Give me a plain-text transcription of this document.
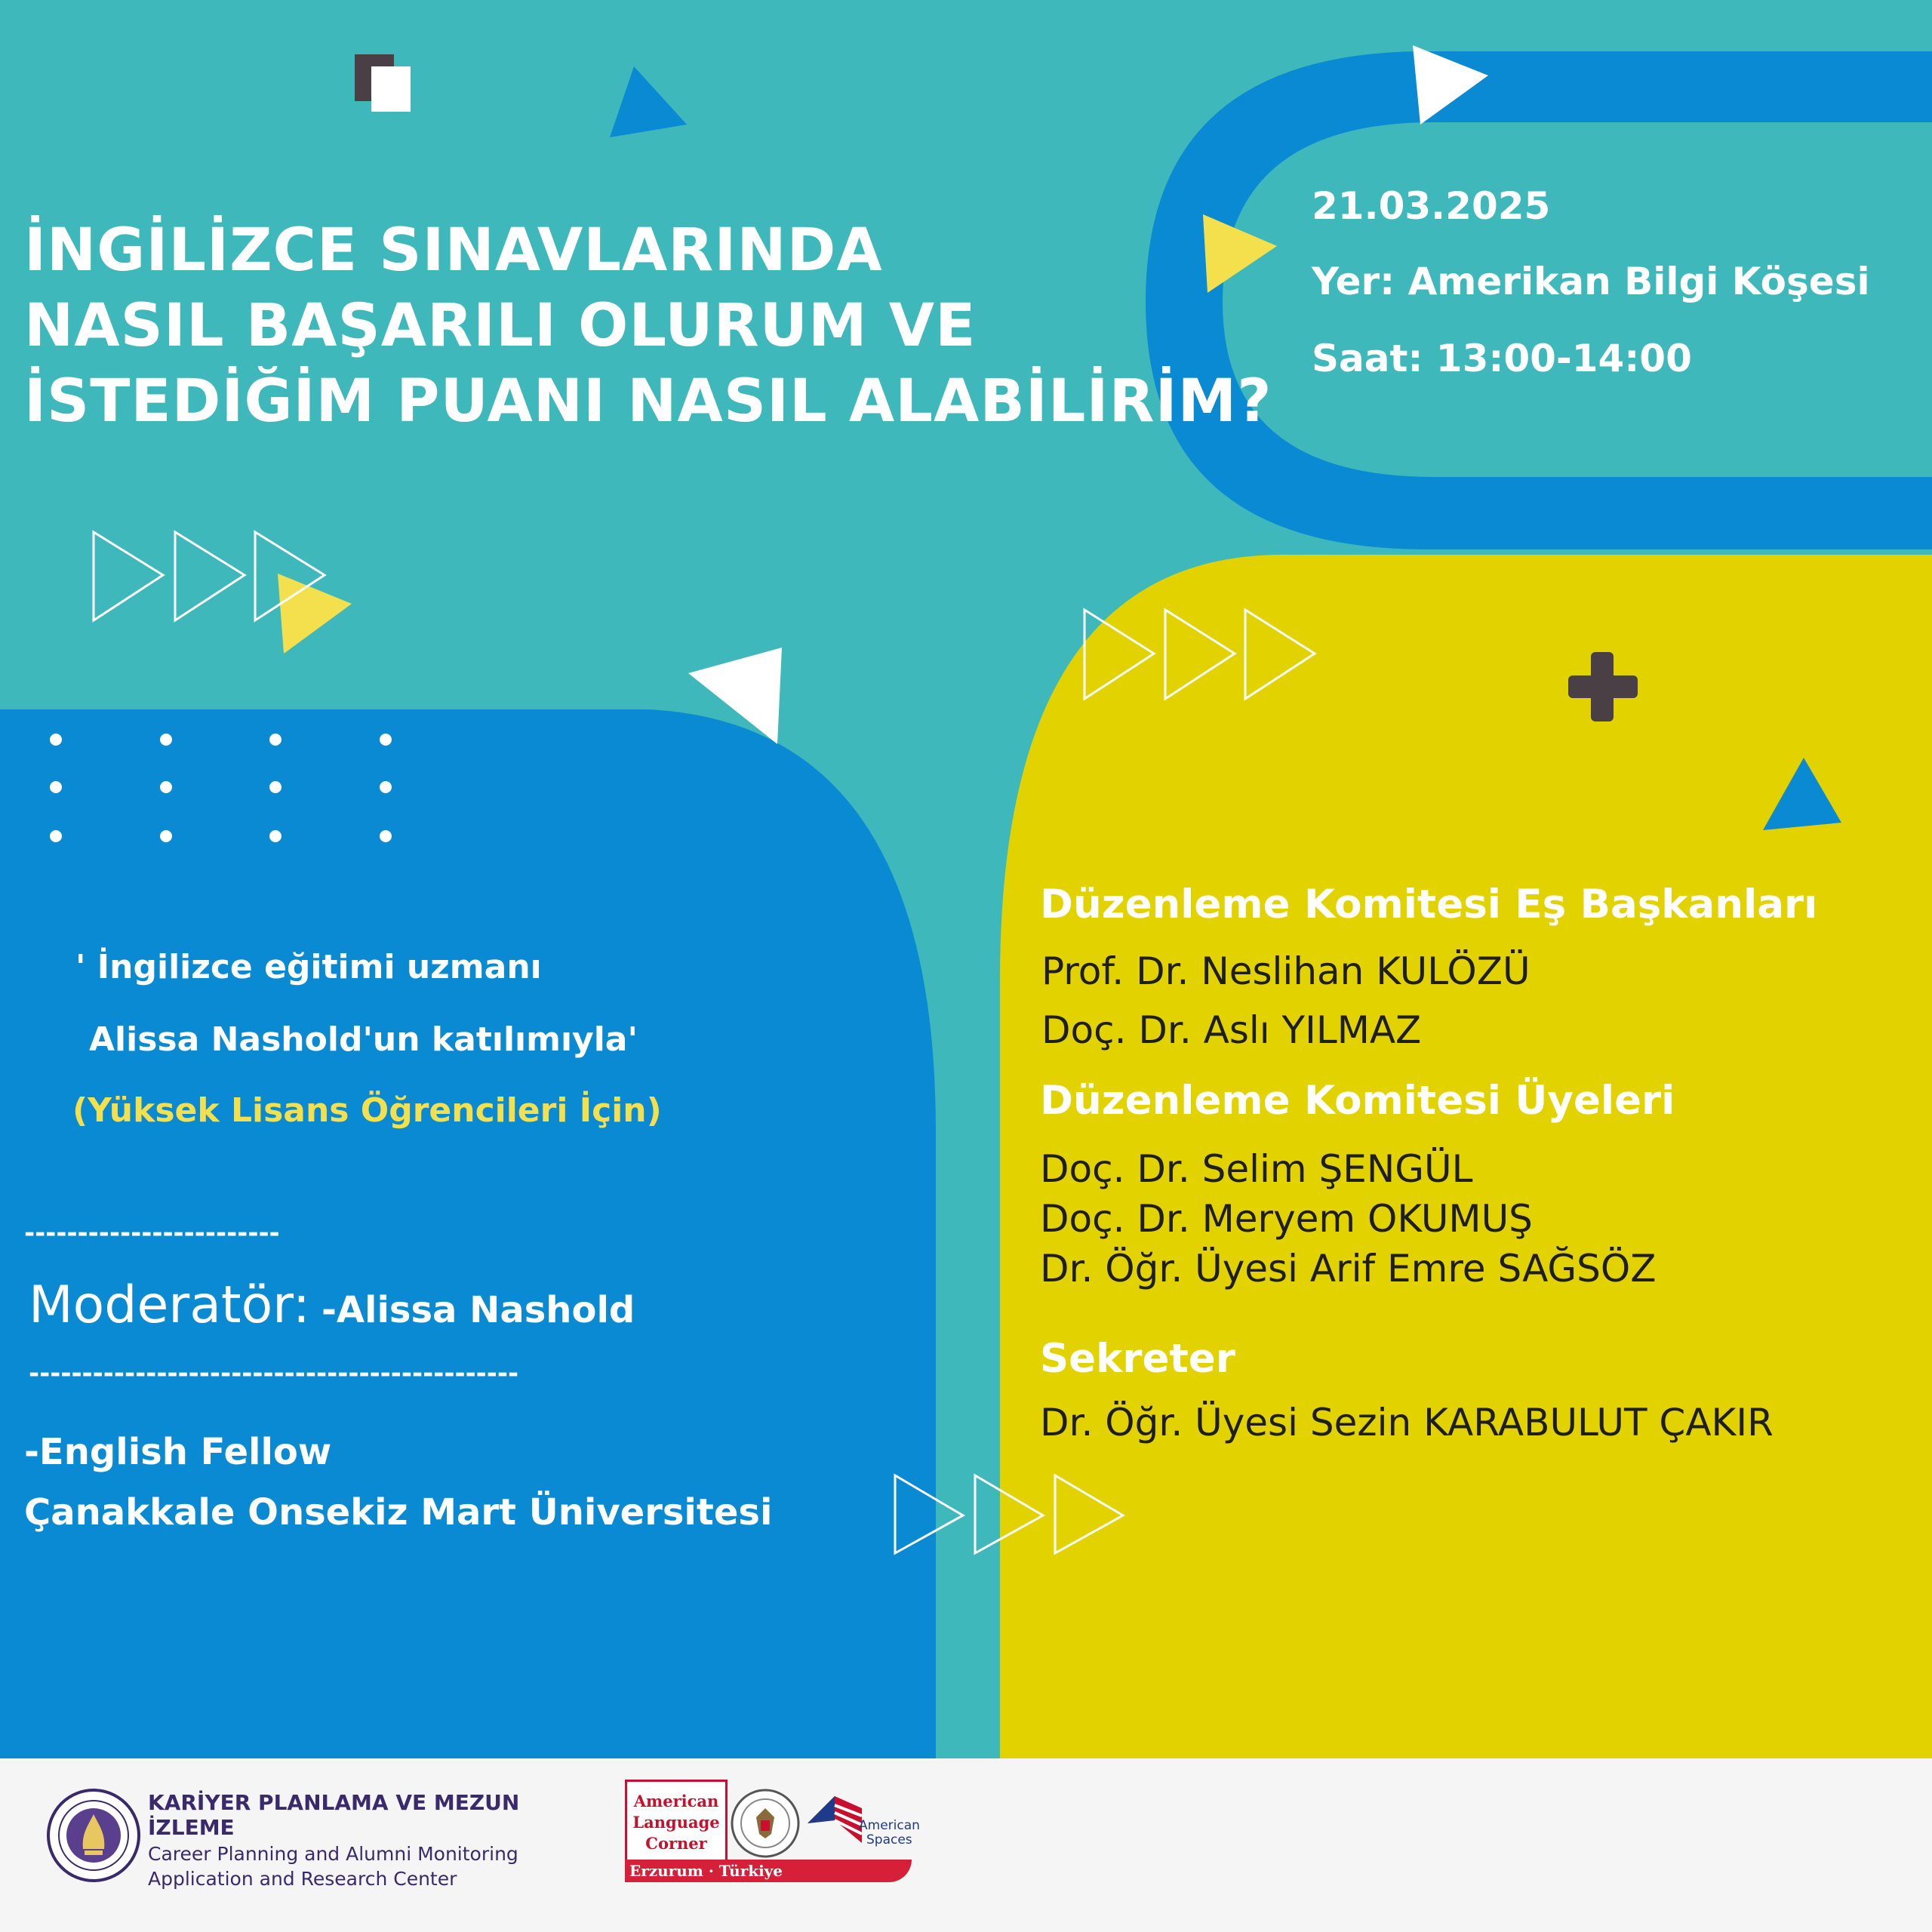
İNGİLİZCE SINAVLARINDA
NASIL BAŞARILI OLURUM VE
İSTEDİĞİM PUANI NASIL ALABİLİRİM?
21.03.2025
Yer: Amerikan Bilgi Köşesi
Saat: 13:00-14:00
' İngilizce eğitimi uzmanı
Alissa Nashold'un katılımıyla'
(Yüksek Lisans Öğrencileri İçin)
------------------------
Moderatör: -Alissa Nashold
----------------------------------------------
-English Fellow
Çanakkale Onsekiz Mart Üniversitesi
Düzenleme Komitesi Eş Başkanları
Prof. Dr. Neslihan KULÖZÜ
Doç. Dr. Aslı YILMAZ
Düzenleme Komitesi Üyeleri
Doç. Dr. Selim ŞENGÜL
Doç. Dr. Meryem OKUMUŞ
Dr. Öğr. Üyesi Arif Emre SAĞSÖZ
Sekreter
Dr. Öğr. Üyesi Sezin KARABULUT ÇAKIR
KARİYER PLANLAMA VE MEZUN
İZLEME
Career Planning and Alumni Monitoring
Application and Research Center
American
Language
Corner
Erzurum · Türkiye
American
Spaces
